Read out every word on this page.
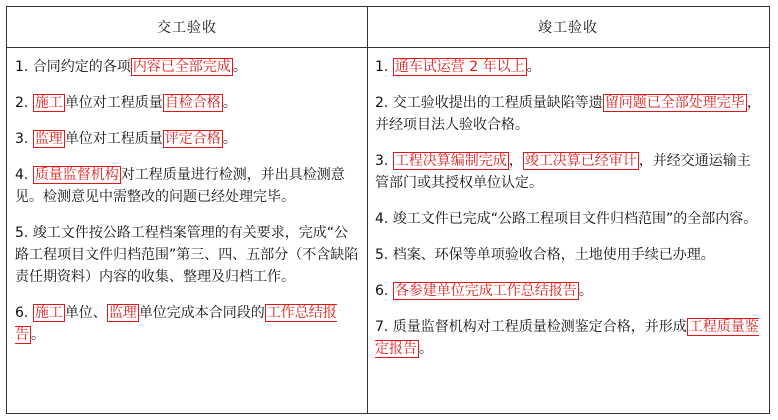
交工验收
1. 合同约定的各项 内容已全部完成 。
2. 施工 单位对工程质量 自检合格 。
3. 监理 单位对工程质量 评定合格 。
4. 质量监督机构 对工程质量进行检测，并出具检测意见。检测意见中需整改的问题已经处理完毕。
5. 竣工文件按公路工程档案管理的有关要求，完成“公路工程项目文件归档范围”第三、四、五部分（不含缺陷责任期资料）内容的收集、整理及归档工作。
6. 施工 单位、 监理 单位完成本合同段的 工作总结报告 。
竣工验收
1. 通车试运营 2 年以上 。
2. 交工验收提出的工程质量缺陷等遗 留问题已全部处理完毕 ，并经项目法人验收合格。
3. 工程决算编制完成 ， 竣工决算已经审计 ，并经交通运输主管部门或其授权单位认定。
4. 竣工文件已完成“公路工程项目文件归档范围”的全部内容。
5. 档案、环保等单项验收合格，土地使用手续已办理。
6. 各参建单位完成工作总结报告 。
7. 质量监督机构对工程质量检测鉴定合格，并形成 工程质量鉴定报告 。
